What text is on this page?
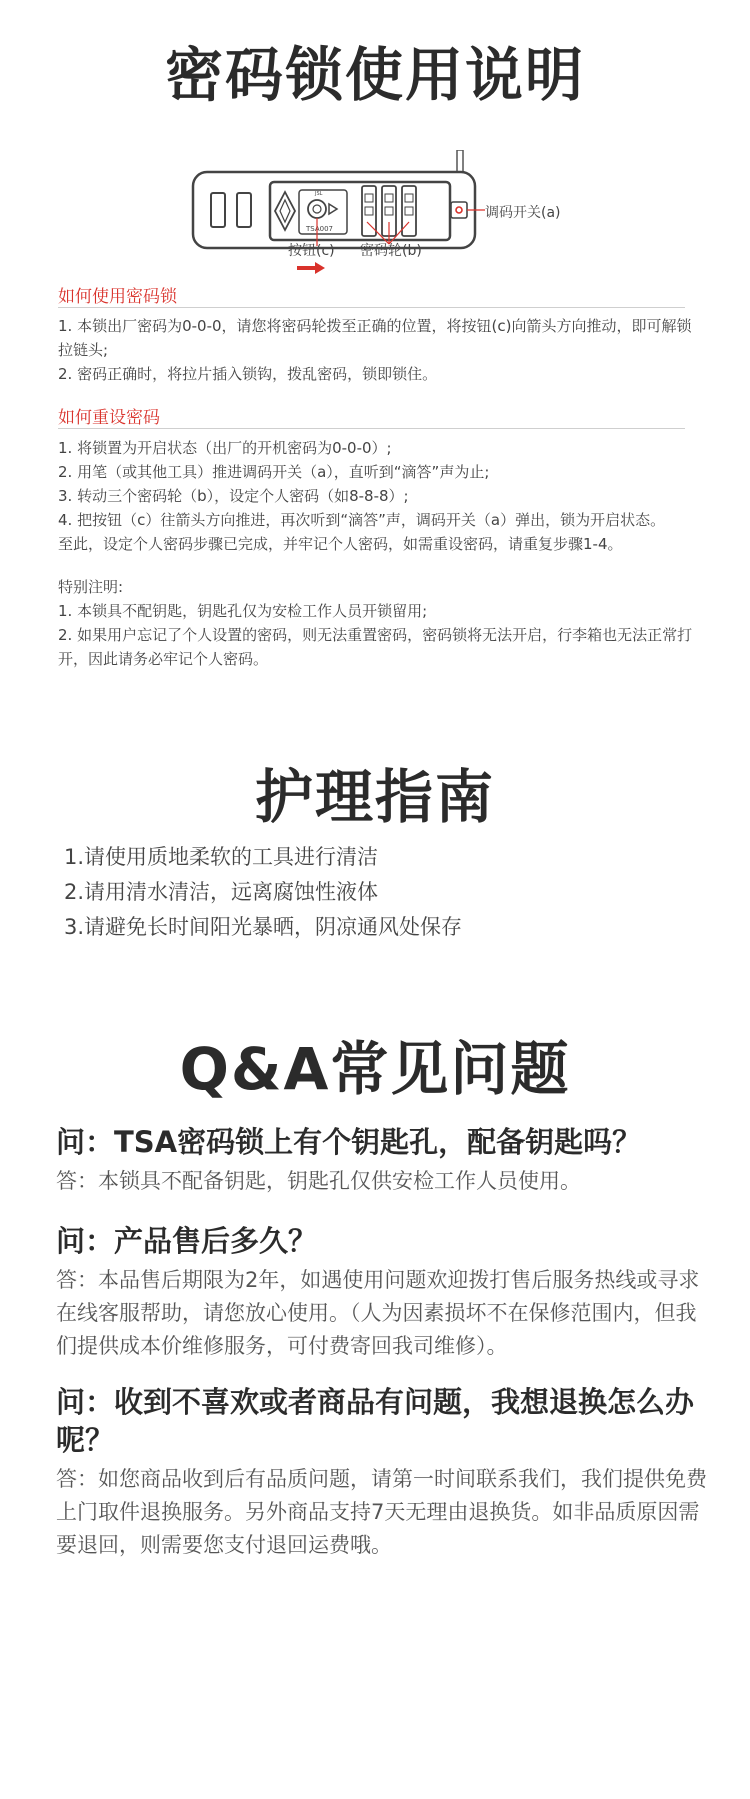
密码锁使用说明
JSL
TSA007
调码开关(a)
按钮(c) 密码轮(b)
如何使用密码锁

1. 本锁出厂密码为0-0-0，请您将密码轮拨至正确的位置，将按钮(c)向箭头方向推动，即可解锁拉链头;

2. 密码正确时，将拉片插入锁钩，拨乱密码，锁即锁住。

如何重设密码

1. 将锁置为开启状态（出厂的开机密码为0-0-0）;

2. 用笔（或其他工具）推进调码开关（a），直听到“滴答”声为止;

3. 转动三个密码轮（b），设定个人密码（如8-8-8）;

4. 把按钮（c）往箭头方向推进，再次听到“滴答”声，调码开关（a）弹出，锁为开启状态。

至此，设定个人密码步骤已完成，并牢记个人密码，如需重设密码，请重复步骤1-4。

特别注明:

1. 本锁具不配钥匙，钥匙孔仅为安检工作人员开锁留用;

2. 如果用户忘记了个人设置的密码，则无法重置密码，密码锁将无法开启，行李箱也无法正常打开，因此请务必牢记个人密码。

护理指南

1.请使用质地柔软的工具进行清洁

2.请用清水清洁，远离腐蚀性液体

3.请避免长时间阳光暴晒，阴凉通风处保存

Q&A常见问题
问：TSA密码锁上有个钥匙孔，配备钥匙吗？
答：本锁具不配备钥匙，钥匙孔仅供安检工作人员使用。
问：产品售后多久？
答：本品售后期限为2年，如遇使用问题欢迎拨打售后服务热线或寻求在线客服帮助，请您放心使用。（人为因素损坏不在保修范围内，但我们提供成本价维修服务，可付费寄回我司维修）。
问：收到不喜欢或者商品有问题，我想退换怎么办呢？
答：如您商品收到后有品质问题，请第一时间联系我们，我们提供免费上门取件退换服务。另外商品支持7天无理由退换货。如非品质原因需要退回，则需要您支付退回运费哦。
